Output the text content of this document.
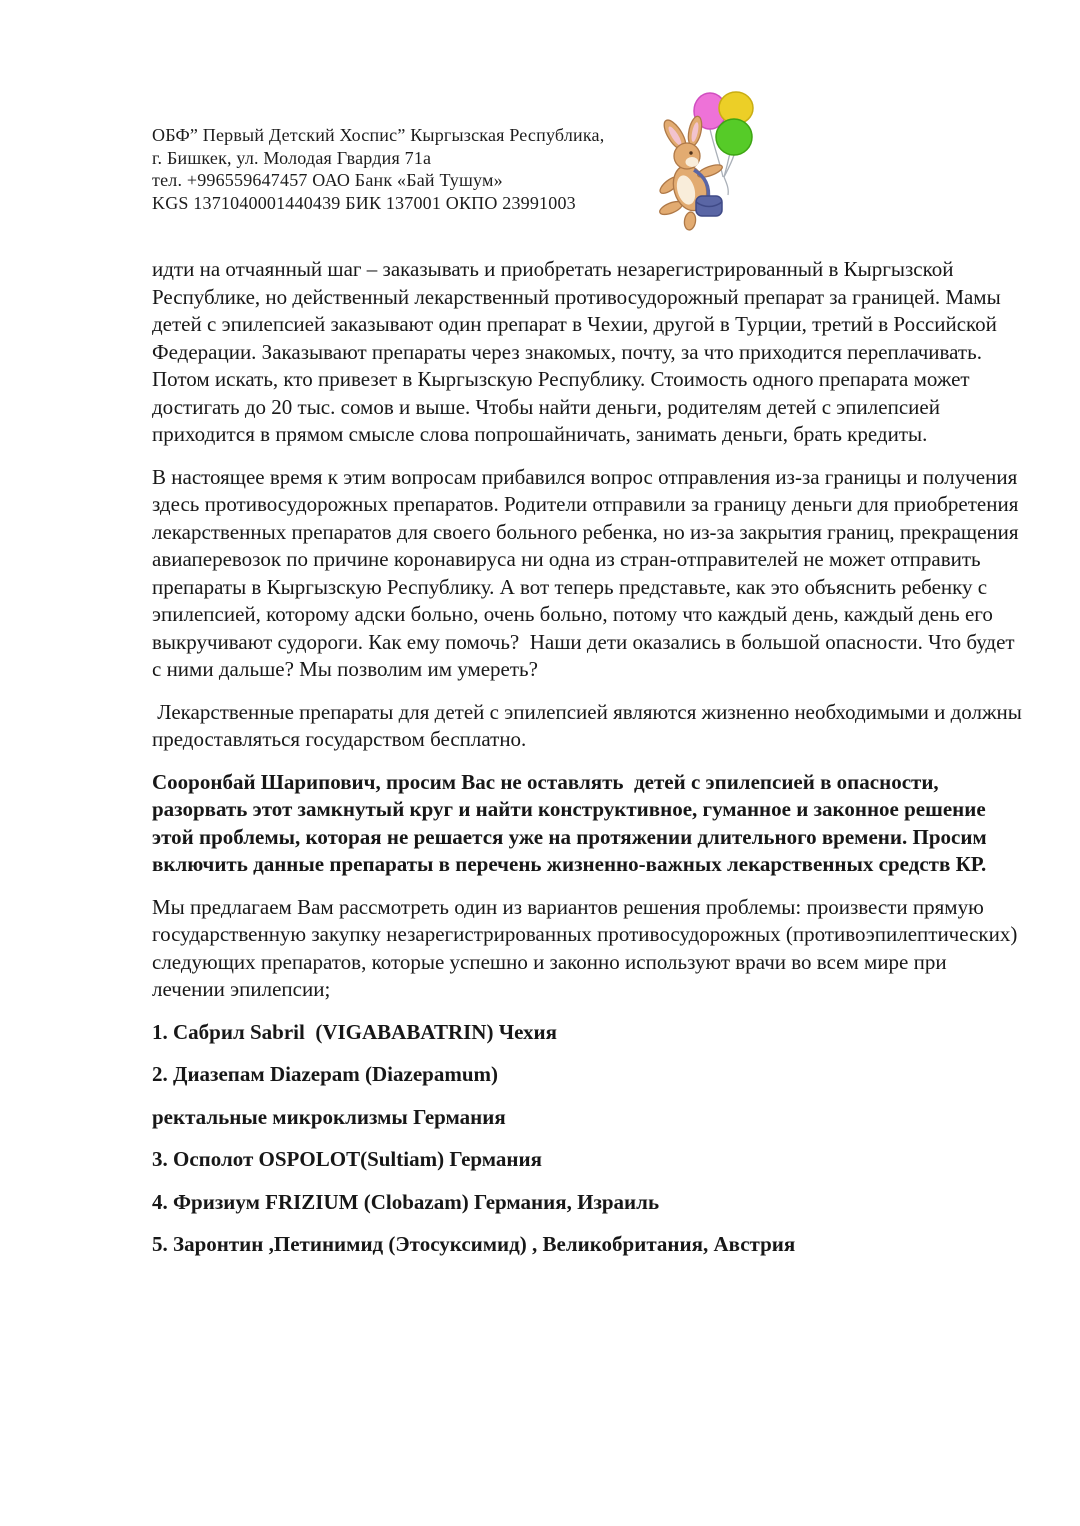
ОБФ” Первый Детский Хоспис” Кыргызская Республика,
г. Бишкек, ул. Молодая Гвардия 71а
тел. +996559647457 ОАО Банк «Бай Тушум»
KGS 1371040001440439 БИК 137001 ОКПО 23991003

идти на отчаянный шаг – заказывать и приобретать незарегистрированный в Кыргызской Республике, но действенный лекарственный противосудорожный препарат за границей. Мамы детей с эпилепсией заказывают один препарат в Чехии, другой в Турции, третий в Российской Федерации. Заказывают препараты через знакомых, почту, за что приходится переплачивать. Потом искать, кто привезет в Кыргызскую Республику. Стоимость одного препарата может достигать до 20 тыс. сомов и выше. Чтобы найти деньги, родителям детей с эпилепсией приходится в прямом смысле слова попрошайничать, занимать деньги, брать кредиты.

В настоящее время к этим вопросам прибавился вопрос отправления из-за границы и получения здесь противосудорожных препаратов. Родители отправили за границу деньги для приобретения лекарственных препаратов для своего больного ребенка, но из-за закрытия границ, прекращения авиаперевозок по причине коронавируса ни одна из стран-отправителей не может отправить препараты в Кыргызскую Республику. А вот теперь представьте, как это объяснить ребенку с эпилепсией, которому адски больно, очень больно, потому что каждый день, каждый день его выкручивают судороги. Как ему помочь?  Наши дети оказались в большой опасности. Что будет с ними дальше? Мы позволим им умереть?

Лекарственные препараты для детей с эпилепсией являются жизненно необходимыми и должны предоставляться государством бесплатно.

Сооронбай Шарипович, просим Вас не оставлять  детей с эпилепсией в опасности, разорвать этот замкнутый круг и найти конструктивное, гуманное и законное решение этой проблемы, которая не решается уже на протяжении длительного времени. Просим включить данные препараты в перечень жизненно-важных лекарственных средств КР.

Мы предлагаем Вам рассмотреть один из вариантов решения проблемы: произвести прямую государственную закупку незарегистрированных противосудорожных (противоэпилептических) следующих препаратов, которые успешно и законно используют врачи во всем мире при лечении эпилепсии;

1. Сабрил Sabril  (VIGABABATRIN) Чехия

2. Диазепам Diazepam (Diazepamum)

ректальные микроклизмы Германия

3. Осполот OSPOLOT(Sultiam) Германия

4. Фризиум FRIZIUM (Clobazam) Германия, Израиль

5. Заронтин ,Петинимид (Этосуксимид) , Великобритания, Австрия
